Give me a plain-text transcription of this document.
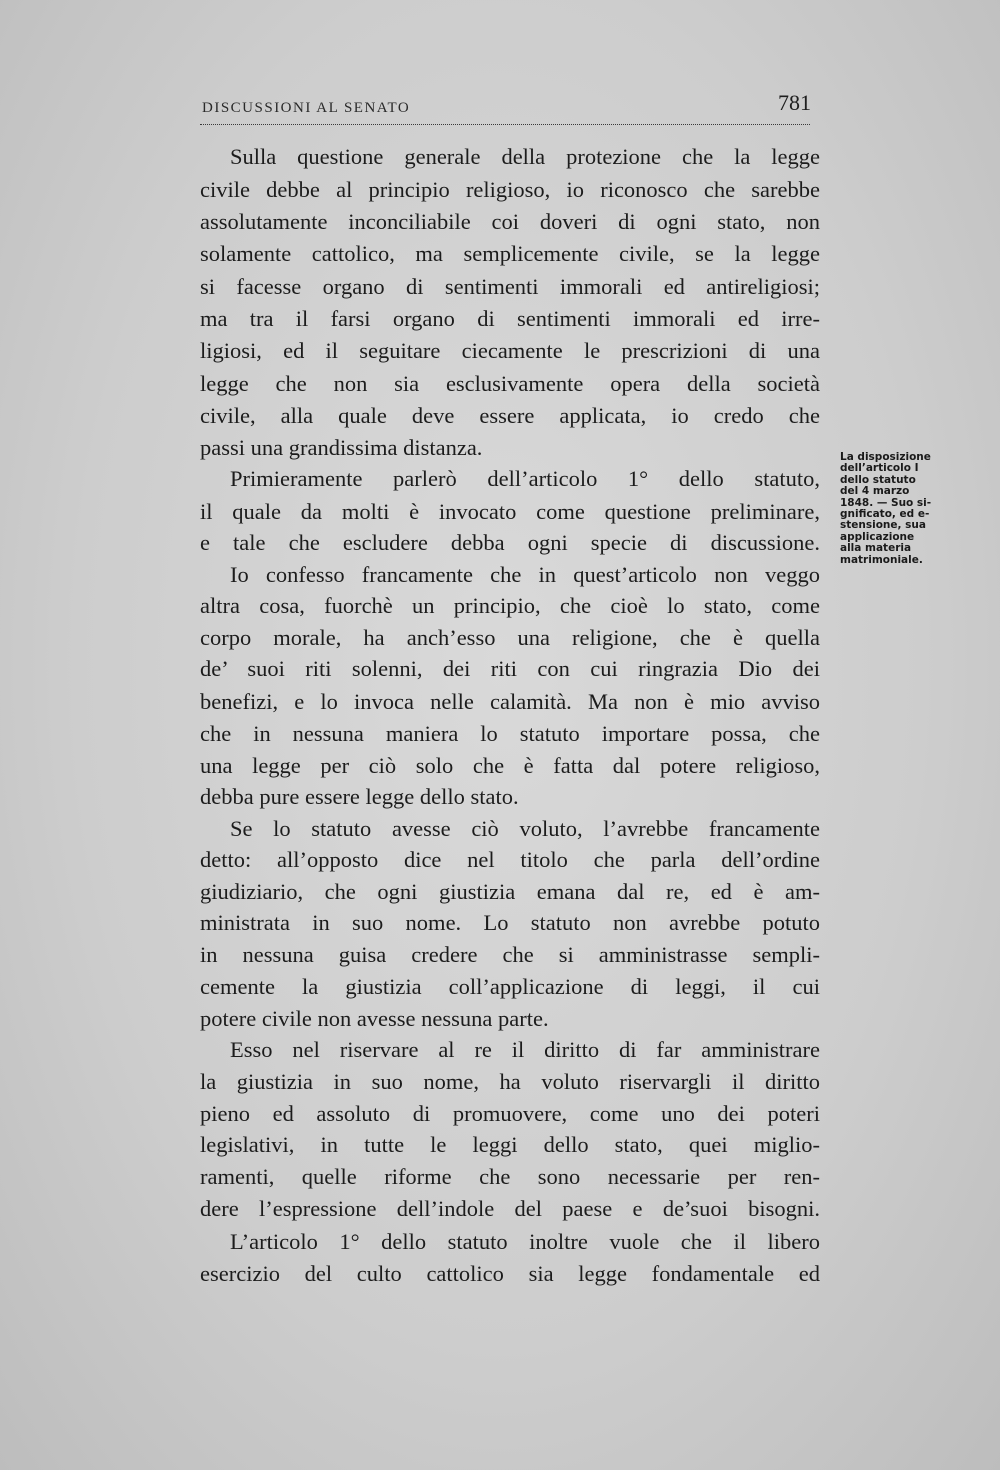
DISCUSSIONI AL SENATO	781
Sulla questione generale della protezione che la legge
civile debbe al principio religioso, io riconosco che sarebbe
assolutamente inconciliabile coi doveri di ogni stato, non
solamente cattolico, ma semplicemente civile, se la legge
si facesse organo di sentimenti immorali ed antireligiosi;
ma tra il farsi organo di sentimenti immorali ed irre-
ligiosi, ed il seguitare ciecamente le prescrizioni di una
legge che non sia esclusivamente opera della società
civile, alla quale deve essere applicata, io credo che
passi una grandissima distanza.
Primieramente parlerò dell’articolo 1° dello statuto,
il quale da molti è invocato come questione preliminare,
e tale che escludere debba ogni specie di discussione.
Io confesso francamente che in quest’articolo non veggo
altra cosa, fuorchè un principio, che cioè lo stato, come
corpo morale, ha anch’esso una religione, che è quella
de’ suoi riti solenni, dei riti con cui ringrazia Dio dei
benefizi, e lo invoca nelle calamità. Ma non è mio avviso
che in nessuna maniera lo statuto importare possa, che
una legge per ciò solo che è fatta dal potere religioso,
debba pure essere legge dello stato.
Se lo statuto avesse ciò voluto, l’avrebbe francamente
detto: all’opposto dice nel titolo che parla dell’ordine
giudiziario, che ogni giustizia emana dal re, ed è am-
ministrata in suo nome. Lo statuto non avrebbe potuto
in nessuna guisa credere che si amministrasse sempli-
cemente la giustizia coll’applicazione di leggi, il cui
potere civile non avesse nessuna parte.
Esso nel riservare al re il diritto di far amministrare
la giustizia in suo nome, ha voluto riservargli il diritto
pieno ed assoluto di promuovere, come uno dei poteri
legislativi, in tutte le leggi dello stato, quei miglio-
ramenti, quelle riforme che sono necessarie per ren-
dere l’espressione dell’indole del paese e de’suoi bisogni.
L’articolo 1° dello statuto inoltre vuole che il libero
esercizio del culto cattolico sia legge fondamentale ed
La disposizione
dell’articolo I
dello statuto
del 4 marzo
1848. — Suo si-
gnificato, ed e-
stensione, sua
applicazione
alla materia
matrimoniale.
